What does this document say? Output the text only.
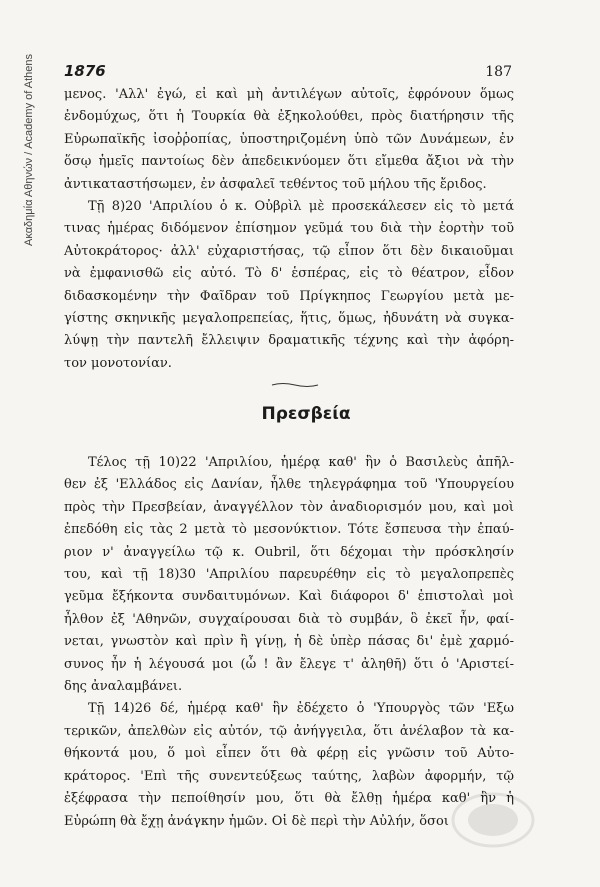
Ακαδημία Αθηνών / Academy of Athens 1876	187
μενος. 'Αλλ' ἐγώ, εἰ καὶ μὴ ἀντιλέγων αὐτοῖς, ἐφρόνουν ὅμως
ἐνδομύχως, ὅτι ἡ Τουρκία θὰ ἐξηκολούθει, πρὸς διατήρησιν τῆς
Εὐρωπαϊκῆς ἰσοῤῥοπίας, ὑποστηριζομένη ὑπὸ τῶν Δυνάμεων, ἐν
ὅσῳ ἡμεῖς παντοίως δὲν ἀπεδεικνύομεν ὅτι εἴμεθα ἄξιοι νὰ τὴν
ἀντικαταστήσωμεν, ἐν ἀσφαλεῖ τεθέντος τοῦ μήλου τῆς ἔριδος.
Τῇ 8)20 'Απριλίου ὁ κ. Οὐβρὶλ μὲ προσεκάλεσεν εἰς τὸ μετά
τινας ἡμέρας διδόμενον ἐπίσημον γεῦμά του διὰ τὴν ἑορτὴν τοῦ
Αὐτοκράτορος· ἀλλ' εὐχαριστήσας, τῷ εἶπον ὅτι δὲν δικαιοῦμαι
νὰ ἐμφανισθῶ εἰς αὐτό. Τὸ δ' ἑσπέρας, εἰς τὸ θέατρον, εἶδον
διδασκομένην τὴν Φαῖδραν τοῦ Πρίγκηπος Γεωργίου μετὰ με-
γίστης σκηνικῆς μεγαλοπρεπείας, ἥτις, ὅμως, ἠδυνάτη νὰ συγκα-
λύψῃ τὴν παντελῆ ἔλλειψιν δραματικῆς τέχνης καὶ τὴν ἀφόρη-
τον μονοτονίαν.
Πρεσβεία
Τέλος τῇ 10)22 'Απριλίου, ἡμέρᾳ καθ' ἣν ὁ Βασιλεὺς ἀπῆλ-
θεν ἐξ 'Ελλάδος εἰς Δανίαν, ἦλθε τηλεγράφημα τοῦ 'Υπουργείου
πρὸς τὴν Πρεσβείαν, ἀναγγέλλον τὸν ἀναδιορισμόν μου, καὶ μοὶ
ἐπεδόθη εἰς τὰς 2 μετὰ τὸ μεσονύκτιον. Τότε ἔσπευσα τὴν ἐπαύ-
ριον ν' ἀναγγείλω τῷ κ. Oubril, ὅτι δέχομαι τὴν πρόσκλησίν
του, καὶ τῇ 18)30 'Απριλίου παρευρέθην εἰς τὸ μεγαλοπρεπὲς
γεῦμα ἔξήκοντα συνδαιτυμόνων. Καὶ διάφοροι δ' ἐπιστολαὶ μοὶ
ἦλθον ἐξ 'Αθηνῶν, συγχαίρουσαι διὰ τὸ συμβάν, ὃ ἐκεῖ ἦν, φαί-
νεται, γνωστὸν καὶ πρὶν ἢ γίνῃ, ἡ δὲ ὑπὲρ πάσας δι' ἐμὲ χαρμό-
συνος ἦν ἡ λέγουσά μοι (ὦ ! ἂν ἔλεγε τ' ἀληθῆ) ὅτι ὁ 'Αριστεί-
δης ἀναλαμβάνει.
Τῇ 14)26 δέ, ἡμέρᾳ καθ' ἣν ἐδέχετο ὁ 'Υπουργὸς τῶν 'Εξω
τερικῶν, ἀπελθὼν εἰς αὐτόν, τῷ ἀνήγγειλα, ὅτι ἀνέλαβον τὰ κα-
θήκοντά μου, ὅ μοὶ εἶπεν ὅτι θὰ φέρῃ εἰς γνῶσιν τοῦ Αὐτο-
κράτορος. 'Επὶ τῆς συνεντεύξεως ταύτης, λαβὼν ἀφορμήν, τῷ
ἐξέφρασα τὴν πεποίθησίν μου, ὅτι θὰ ἔλθῃ ἡμέρα καθ' ἣν ἡ
Εὐρώπη θὰ ἔχῃ ἀνάγκην ἡμῶν. Οἱ δὲ περὶ τὴν Αὐλήν, ὅσοι
